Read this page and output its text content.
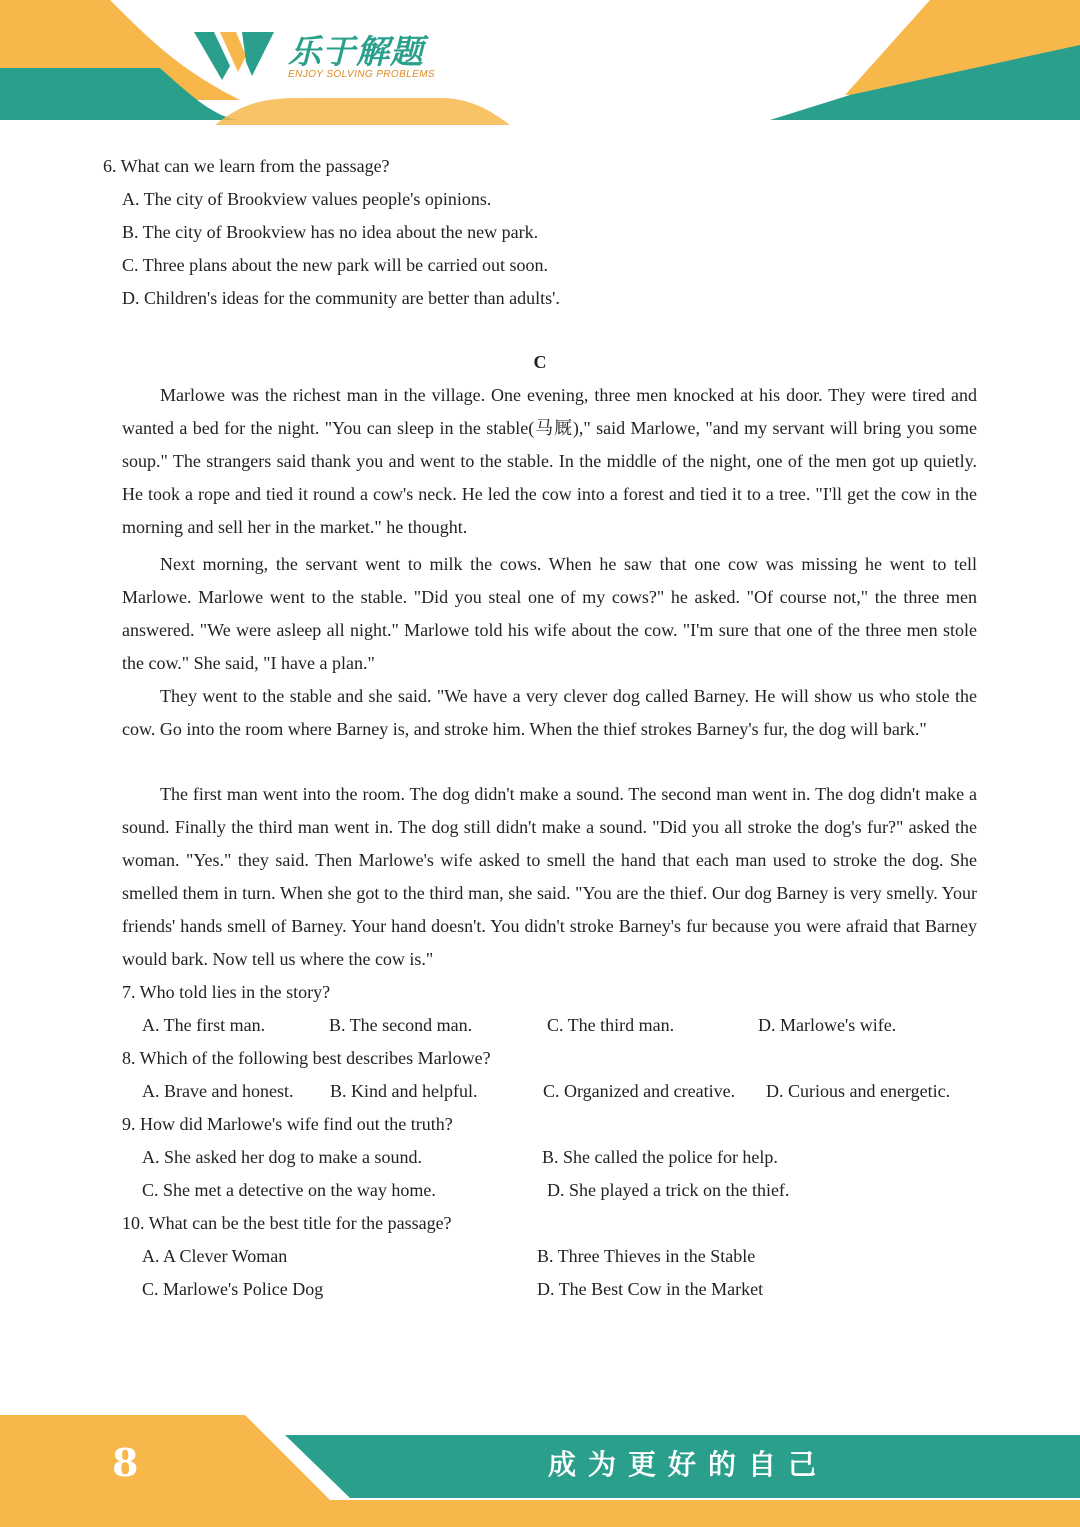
乐于解题
ENJOY SOLVING PROBLEMS
6. What can we learn from the passage?
A. The city of Brookview values people's opinions.
B. The city of Brookview has no idea about the new park.
C. Three plans about the new park will be carried out soon.
D. Children's ideas for the community are better than adults'.
C
Marlowe was the richest man in the village. One evening, three men knocked at his door. They were tired and wanted a bed for the night. "You can sleep in the stable(马厩)," said Marlowe, "and my servant will bring you some soup." The strangers said thank you and went to the stable. In the middle of the night, one of the men got up quietly. He took a rope and tied it round a cow's neck. He led the cow into a forest and tied it to a tree. "I'll get the cow in the morning and sell her in the market." he thought.
Next morning, the servant went to milk the cows. When he saw that one cow was missing he went to tell Marlowe. Marlowe went to the stable. "Did you steal one of my cows?" he asked. "Of course not," the three men answered. "We were asleep all night." Marlowe told his wife about the cow. "I'm sure that one of the three men stole the cow." She said, "I have a plan."
They went to the stable and she said. "We have a very clever dog called Barney. He will show us who stole the cow. Go into the room where Barney is, and stroke him. When the thief strokes Barney's fur, the dog will bark."
The first man went into the room. The dog didn't make a sound. The second man went in. The dog didn't make a sound. Finally the third man went in. The dog still didn't make a sound. "Did you all stroke the dog's fur?" asked the woman. "Yes." they said. Then Marlowe's wife asked to smell the hand that each man used to stroke the dog. She smelled them in turn. When she got to the third man, she said. "You are the thief. Our dog Barney is very smelly. Your friends' hands smell of Barney. Your hand doesn't. You didn't stroke Barney's fur because you were afraid that Barney would bark. Now tell us where the cow is."
7. Who told lies in the story?
A. The first man.	B. The second man.	C. The third man.	D. Marlowe's wife.
8. Which of the following best describes Marlowe?
A. Brave and honest. B. Kind and helpful.	C. Organized and creative. D. Curious and energetic.
9. How did Marlowe's wife find out the truth?
A. She asked her dog to make a sound.	B. She called the police for help.
C. She met a detective on the way home.	D. She played a trick on the thief.
10. What can be the best title for the passage?
A. A Clever Woman	B. Three Thieves in the Stable
C. Marlowe's Police Dog	D. The Best Cow in the Market
8	成为更好的自己
